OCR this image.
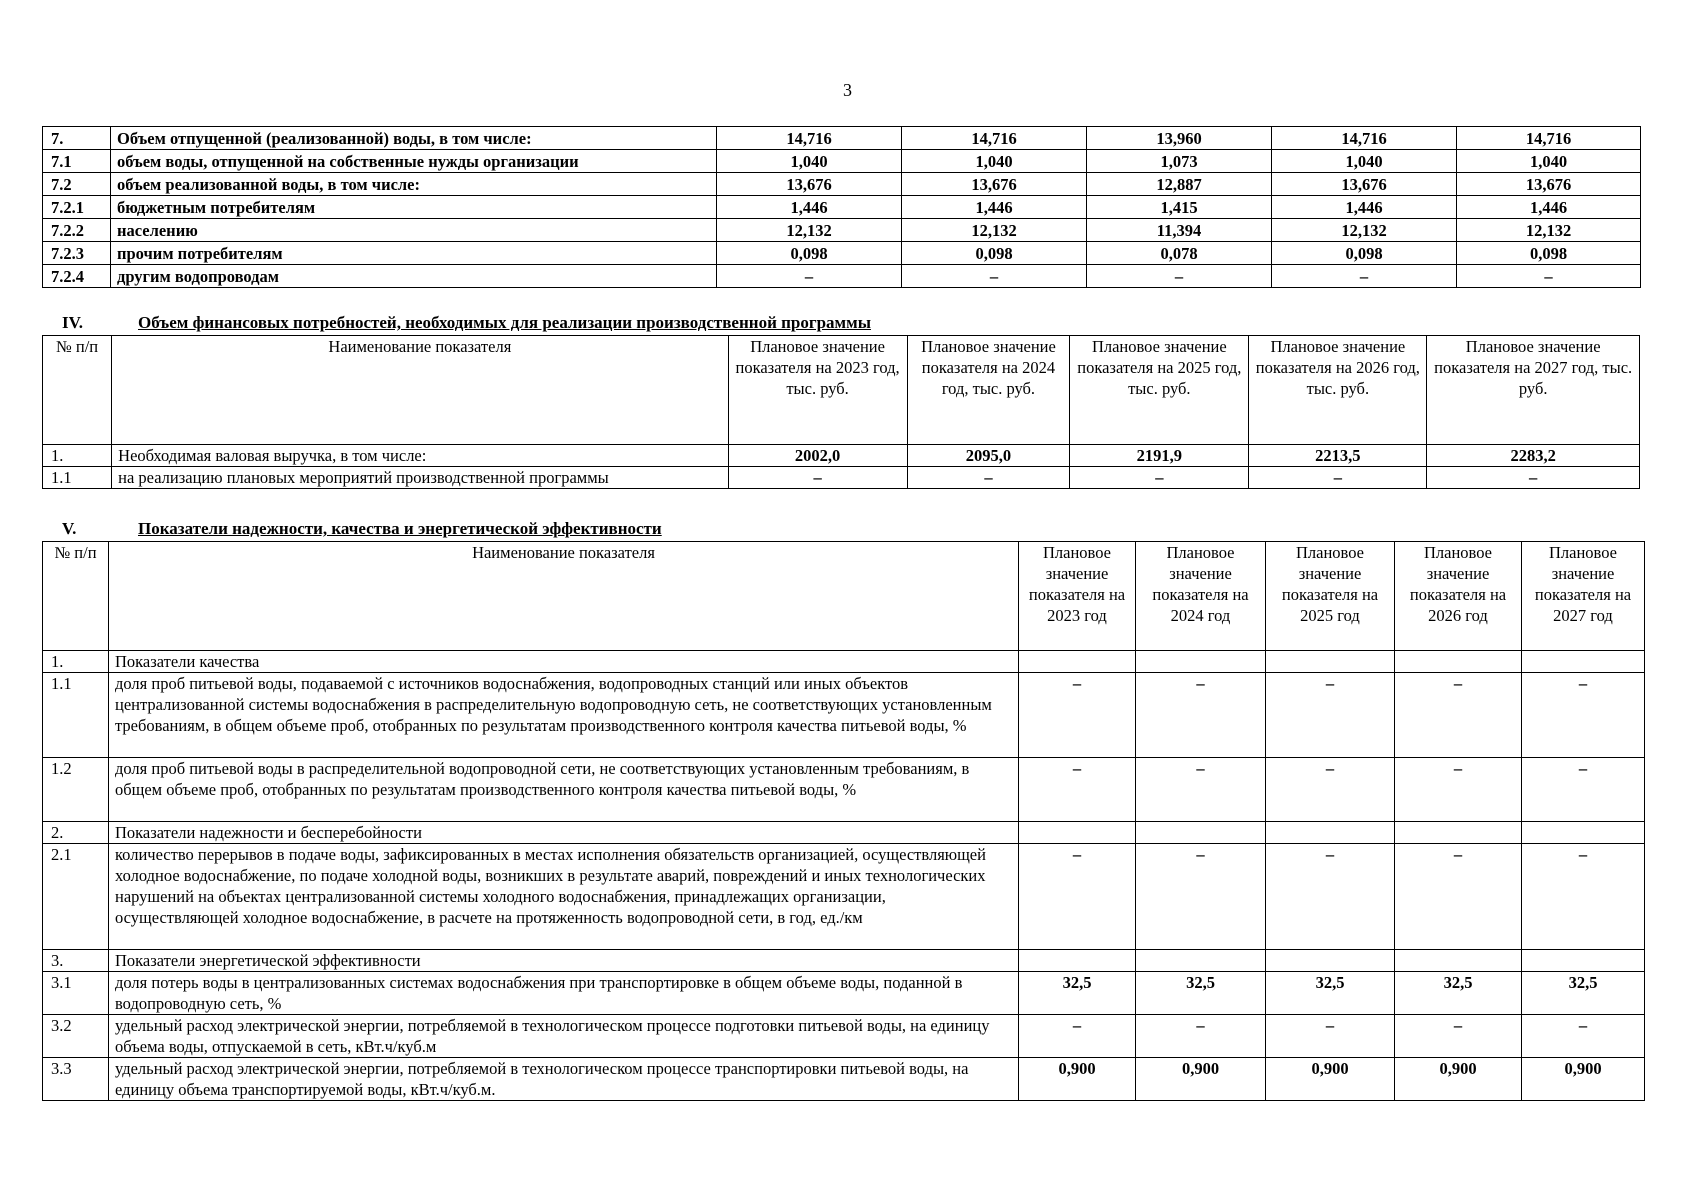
3
7.	Объем отпущенной (реализованной) воды, в том числе:	14,716	14,716	13,960	14,716	14,716
7.1	объем воды, отпущенной на собственные нужды организации	1,040	1,040	1,073	1,040	1,040
7.2	объем реализованной воды, в том числе:	13,676	13,676	12,887	13,676	13,676
7.2.1	бюджетным потребителям	1,446	1,446	1,415	1,446	1,446
7.2.2	населению	12,132	12,132	11,394	12,132	12,132
7.2.3	прочим потребителям	0,098	0,098	0,078	0,098	0,098
7.2.4	другим водопроводам	–	–	–	–	–
IV.	Объем финансовых потребностей, необходимых для реализации производственной программы
№ п/п	Наименование показателя	Плановое значение показателя на 2023 год, тыс. руб.	Плановое значение показателя на 2024 год, тыс. руб.	Плановое значение показателя на 2025 год, тыс. руб.	Плановое значение показателя на 2026 год, тыс. руб.	Плановое значение показателя на 2027 год, тыс. руб.
1.	Необходимая валовая выручка, в том числе:	2002,0	2095,0	2191,9	2213,5	2283,2
1.1	на реализацию плановых мероприятий производственной программы	–	–	–	–	–
V.	Показатели надежности, качества и энергетической эффективности
№ п/п	Наименование показателя	Плановое значение показателя на 2023 год	Плановое значение показателя на 2024 год	Плановое значение показателя на 2025 год	Плановое значение показателя на 2026 год	Плановое значение показателя на 2027 год
1.	Показатели качества					
1.1	доля проб питьевой воды, подаваемой с источников водоснабжения, водопроводных станций или иных объектов централизованной системы водоснабжения в распределительную водопроводную сеть, не соответствующих установленным требованиям, в общем объеме проб, отобранных по результатам производственного контроля качества питьевой воды, %	–	–	–	–	–
1.2	доля проб питьевой воды в распределительной водопроводной сети, не соответствующих установленным требованиям, в общем объеме проб, отобранных по результатам производственного контроля качества питьевой воды, %	–	–	–	–	–
2.	Показатели надежности и бесперебойности					
2.1	количество перерывов в подаче воды, зафиксированных в местах исполнения обязательств организацией, осуществляющей холодное водоснабжение, по подаче холодной воды, возникших в результате аварий, повреждений и иных технологических нарушений на объектах централизованной системы холодного водоснабжения, принадлежащих организации, осуществляющей холодное водоснабжение, в расчете на протяженность водопроводной сети, в год, ед./км	–	–	–	–	–
3.	Показатели энергетической эффективности					
3.1	доля потерь воды в централизованных системах водоснабжения при транспортировке в общем объеме воды, поданной в водопроводную сеть, %	32,5	32,5	32,5	32,5	32,5
3.2	удельный расход электрической энергии, потребляемой в технологическом процессе подготовки питьевой воды, на единицу объема воды, отпускаемой в сеть, кВт.ч/куб.м	–	–	–	–	–
3.3	удельный расход электрической энергии, потребляемой в технологическом процессе транспортировки питьевой воды, на единицу объема транспортируемой воды, кВт.ч/куб.м.	0,900	0,900	0,900	0,900	0,900
